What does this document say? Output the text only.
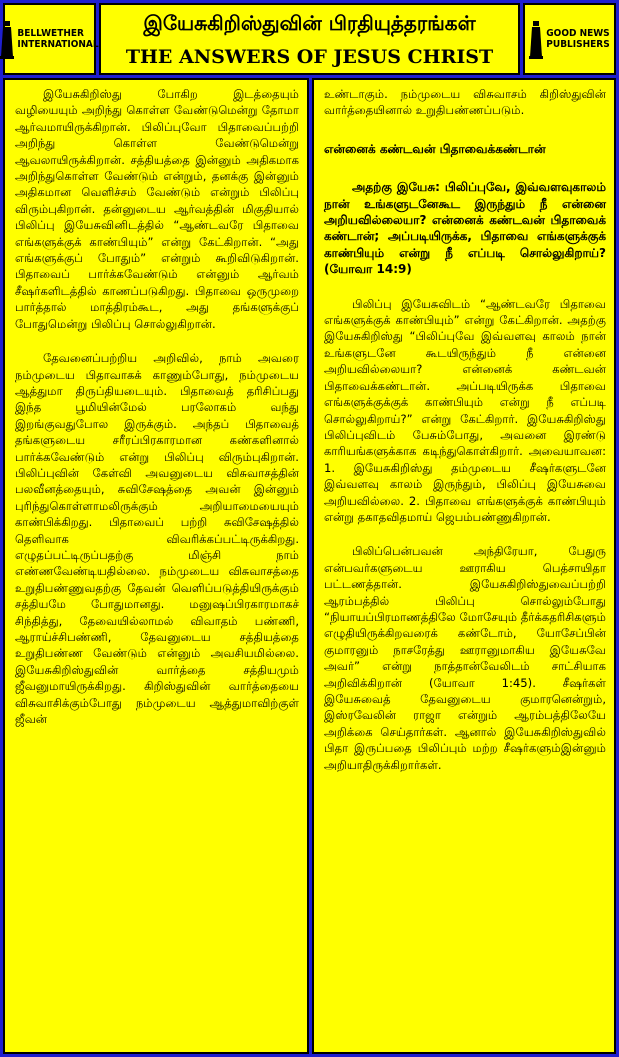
BELLWETHER
INTERNATIONAL
இயேசுகிறிஸ்துவின் பிரதியுத்தரங்கள்
THE ANSWERS OF JESUS CHRIST
GOOD NEWS
PUBLISHERS

இயேசுகிறிஸ்து போகிற இடத்தையும் வழியையும் அறிந்து கொள்ள வேண்டுமென்று தோமா ஆர்வமாயிருக்கிறான். பிலிப்புவோ பிதாவைப்பற்றி அறிந்து கொள்ள வேண்டுமென்று ஆவலாயிருக்கிறான். சத்தியத்தை இன்னும் அதிகமாக அறிந்துகொள்ள வேண்டும் என்றும், தனக்கு இன்னும் அதிகமான வெளிச்சம் வேண்டும் என்றும் பிலிப்பு விரும்புகிறான். தன்னுடைய ஆர்வத்தின் மிகுதியால் பிலிப்பு இயேசுவினிடத்தில் “ஆண்டவரே பிதாவை எங்களுக்குக் காண்பியும்” என்று கேட்கிறான். “அது எங்களுக்குப் போதும்” என்றும் கூறிவிடுகிறான். பிதாவைப் பார்க்கவேண்டும் என்னும் ஆர்வம் சீஷர்களிடத்தில் காணப்படுகிறது. பிதாவை ஒருமுறை பார்த்தால் மாத்திரம்கூட, அது தங்களுக்குப் போதுமென்று பிலிப்பு சொல்லுகிறான்.

தேவனைப்பற்றிய அறிவில், நாம் அவரை நம்முடைய பிதாவாகக் காணும்போது, நம்முடைய ஆத்துமா திருப்தியடையும். பிதாவைத் தரிசிப்பது இந்த பூமியின்மேல் பரலோகம் வந்து இறங்குவதுபோல இருக்கும். அந்தப் பிதாவைத் தங்களுடைய சரீரப்பிரகாரமான கண்களினால் பார்க்கவேண்டும் என்று பிலிப்பு விரும்புகிறான். பிலிப்புவின் கேள்வி அவனுடைய விசுவாசத்தின் பலவீனத்தையும், சுவிசேஷத்தை அவன் இன்னும் புரிந்துகொள்ளாமலிருக்கும் அறியாமையையும் காண்பிக்கிறது. பிதாவைப் பற்றி சுவிசேஷத்தில் தெளிவாக விவரிக்கப்பட்டிருக்கிறது. எழுதப்பட்டிருப்பதற்கு மிஞ்சி நாம் எண்ணவேண்டியதில்லை. நம்முடைய விசுவாசத்தை உறுதிபண்ணுவதற்கு தேவன் வெளிப்படுத்தியிருக்கும் சத்தியமே போதுமானது. மனுஷப்பிரகாரமாகச் சிந்தித்து, தேவையில்லாமல் விவாதம் பண்ணி, ஆராய்ச்சிபண்ணி, தேவனுடைய சத்தியத்தை உறுதிபண்ண வேண்டும் என்னும் அவசியமில்லை. இயேசுகிறிஸ்துவின் வார்த்தை சத்தியமும் ஜீவனுமாயிருக்கிறது. கிறிஸ்துவின் வார்த்தையை விசுவாசிக்கும்போது நம்முடைய ஆத்துமாவிற்குள் ஜீவன்

உண்டாகும். நம்முடைய விசுவாசம் கிறிஸ்துவின் வார்த்தையினால் உறுதிபண்ணப்படும்.

என்னைக் கண்டவன் பிதாவைக்கண்டான்

அதற்கு இயேசு: பிலிப்புவே, இவ்வளவுகாலம் நான் உங்களுடனேகூட இருந்தும் நீ என்னை அறியவில்லையா? என்னைக் கண்டவன் பிதாவைக் கண்டான்; அப்படியிருக்க, பிதாவை எங்களுக்குக் காண்பியும் என்று நீ எப்படி சொல்லுகிறாய்? (யோவா 14:9)

பிலிப்பு இயேசுவிடம் “ஆண்டவரே பிதாவை எங்களுக்குக் காண்பியும்” என்று கேட்கிறான். அதற்கு இயேசுகிறிஸ்து “பிலிப்புவே இவ்வளவு காலம் நான் உங்களுடனே கூடயிருந்தும் நீ என்னை அறியவில்லையா? என்னைக் கண்டவன் பிதாவைக்கண்டான். அப்படியிருக்க பிதாவை எங்களுக்குக்குக் காண்பியும் என்று நீ எப்படி சொல்லுகிறாய்?” என்று கேட்கிறார். இயேசுகிறிஸ்து பிலிப்புவிடம் பேசும்போது, அவனை இரண்டு காரியங்களுக்காக கடிந்துகொள்கிறார். அவையாவன: 1. இயேசுகிறிஸ்து தம்முடைய சீஷர்களுடனே இவ்வளவு காலம் இருந்தும், பிலிப்பு இயேசுவை அறியவில்லை. 2. பிதாவை எங்களுக்குக் காண்பியும் என்று தகாதவிதமாய் ஜெபம்பண்ணுகிறான்.

பிலிப்பென்பவன் அந்திரேயா, பேதுரு என்பவர்களுடைய ஊராகிய பெத்சாயிதா பட்டணத்தான். இயேசுகிறிஸ்துவைப்பற்றி ஆரம்பத்தில் பிலிப்பு சொல்லும்போது “நியாயப்பிரமாணத்திலே மோசேயும் தீர்க்கதரிசிகளும் எழுதியிருக்கிறவரைக் கண்டோம், யோசேப்பின் குமாரனும் நாசரேத்து ஊரானுமாகிய இயேசுவே அவர்” என்று நாத்தான்வேலிடம் சாட்சியாக அறிவிக்கிறான் (யோவா 1:45). சீஷர்கள் இயேசுவைத் தேவனுடைய குமாரனென்றும், இஸ்ரவேலின் ராஜா என்றும் ஆரம்பத்திலேயே அறிக்கை செய்தார்கள். ஆனால் இயேசுகிறிஸ்துவில் பிதா இருப்பதை பிலிப்பும் மற்ற சீஷர்களும்இன்னும் அறியாதிருக்கிறார்கள்.
